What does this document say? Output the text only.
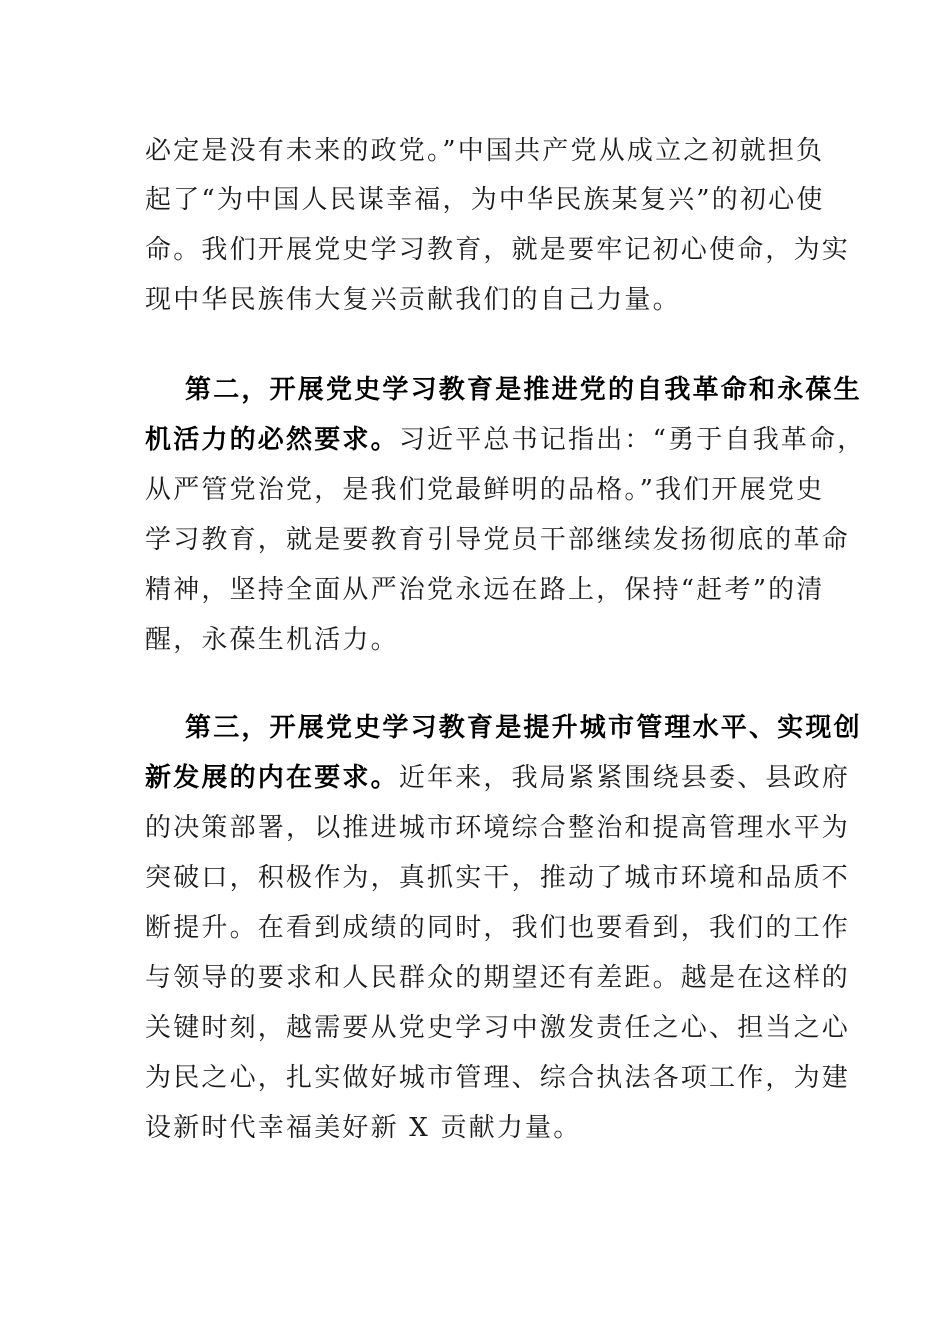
必定是没有未来的政党。”中国共产党从成立之初就担负
起了“为中国人民谋幸福，为中华民族某复兴”的初心使
命。我们开展党史学习教育，就是要牢记初心使命，为实
现中华民族伟大复兴贡献我们的自己力量。
第二，开展党史学习教育是推进党的自我革命和永葆生
机活力的必然要求。习近平总书记指出：“勇于自我革命，
从严管党治党，是我们党最鲜明的品格。”我们开展党史
学习教育，就是要教育引导党员干部继续发扬彻底的革命
精神，坚持全面从严治党永远在路上，保持“赶考”的清
醒，永葆生机活力。
第三，开展党史学习教育是提升城市管理水平、实现创
新发展的内在要求。近年来，我局紧紧围绕县委、县政府
的决策部署，以推进城市环境综合整治和提高管理水平为
突破口，积极作为，真抓实干，推动了城市环境和品质不
断提升。在看到成绩的同时，我们也要看到，我们的工作
与领导的要求和人民群众的期望还有差距。越是在这样的
关键时刻，越需要从党史学习中激发责任之心、担当之心
为民之心，扎实做好城市管理、综合执法各项工作，为建
设新时代幸福美好新 X 贡献力量。
